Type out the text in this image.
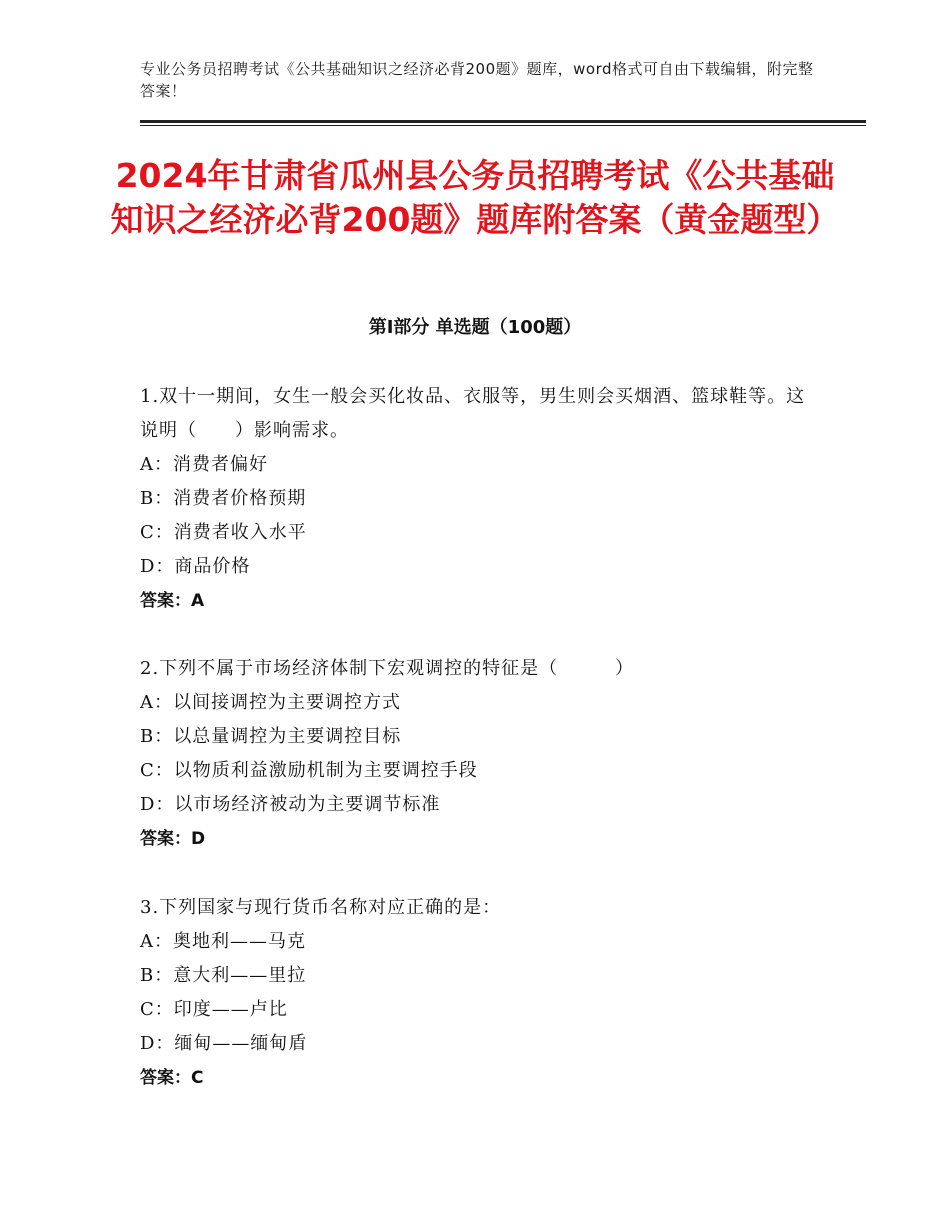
专业公务员招聘考试《公共基础知识之经济必背200题》题库，word格式可自由下载编辑，附完整答案！
2024年甘肃省瓜州县公务员招聘考试《公共基础知识之经济必背200题》题库附答案（黄金题型）
第Ⅰ部分 单选题（100题）
1.双十一期间，女生一般会买化妆品、衣服等，男生则会买烟酒、篮球鞋等。这说明（　　）影响需求。
A：消费者偏好
B：消费者价格预期
C：消费者收入水平
D：商品价格
答案：A
2.下列不属于市场经济体制下宏观调控的特征是（　　　）
A：以间接调控为主要调控方式
B：以总量调控为主要调控目标
C：以物质利益激励机制为主要调控手段
D：以市场经济被动为主要调节标准
答案：D
3.下列国家与现行货币名称对应正确的是：
A：奥地利——马克
B：意大利——里拉
C：印度——卢比
D：缅甸——缅甸盾
答案：C
